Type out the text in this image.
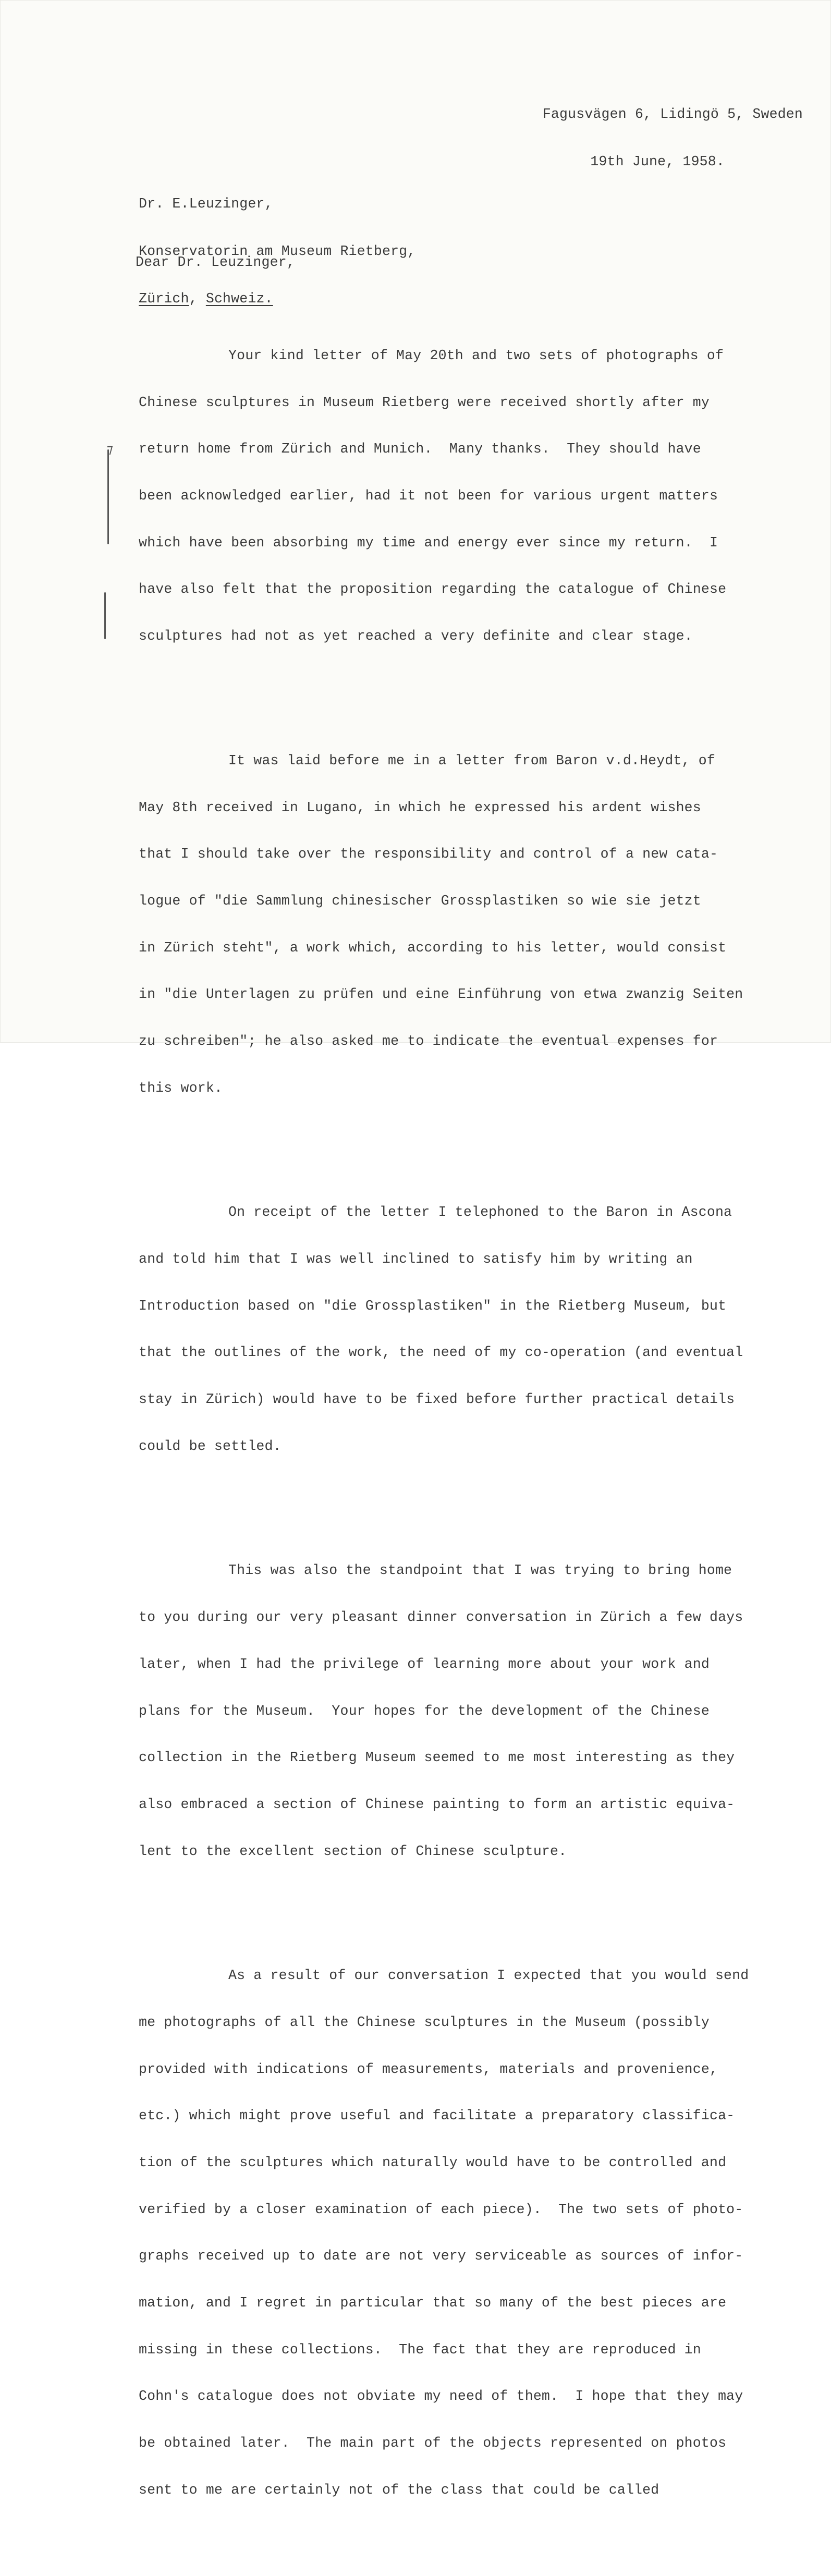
Fagusvägen 6, Lidingö 5, Sweden

19th June, 1958.

Dr. E.Leuzinger,

Konservatorin am Museum Rietberg,

Zürich, Schweiz.

Dear Dr. Leuzinger,

Your kind letter of May 20th and two sets of photographs of

Chinese sculptures in Museum Rietberg were received shortly after my

return home from Zürich and Munich.  Many thanks.  They should have

been acknowledged earlier, had it not been for various urgent matters

which have been absorbing my time and energy ever since my return.  I

have also felt that the proposition regarding the catalogue of Chinese

sculptures had not as yet reached a very definite and clear stage.

It was laid before me in a letter from Baron v.d.Heydt, of

May 8th received in Lugano, in which he expressed his ardent wishes

that I should take over the responsibility and control of a new cata-

logue of "die Sammlung chinesischer Grossplastiken so wie sie jetzt

in Zürich steht", a work which, according to his letter, would consist

in "die Unterlagen zu prüfen und eine Einführung von etwa zwanzig Seiten

zu schreiben"; he also asked me to indicate the eventual expenses for

this work.

On receipt of the letter I telephoned to the Baron in Ascona

and told him that I was well inclined to satisfy him by writing an

Introduction based on "die Grossplastiken" in the Rietberg Museum, but

that the outlines of the work, the need of my co-operation (and eventual

stay in Zürich) would have to be fixed before further practical details

could be settled.

This was also the standpoint that I was trying to bring home

to you during our very pleasant dinner conversation in Zürich a few days

later, when I had the privilege of learning more about your work and

plans for the Museum.  Your hopes for the development of the Chinese

collection in the Rietberg Museum seemed to me most interesting as they

also embraced a section of Chinese painting to form an artistic equiva-

lent to the excellent section of Chinese sculpture.

As a result of our conversation I expected that you would send

me photographs of all the Chinese sculptures in the Museum (possibly

provided with indications of measurements, materials and provenience,

etc.) which might prove useful and facilitate a preparatory classifica-

tion of the sculptures which naturally would have to be controlled and

verified by a closer examination of each piece).  The two sets of photo-

graphs received up to date are not very serviceable as sources of infor-

mation, and I regret in particular that so many of the best pieces are

missing in these collections.  The fact that they are reproduced in

Cohn's catalogue does not obviate my need of them.  I hope that they may

be obtained later.  The main part of the objects represented on photos

sent to me are certainly not of the class that could be called
